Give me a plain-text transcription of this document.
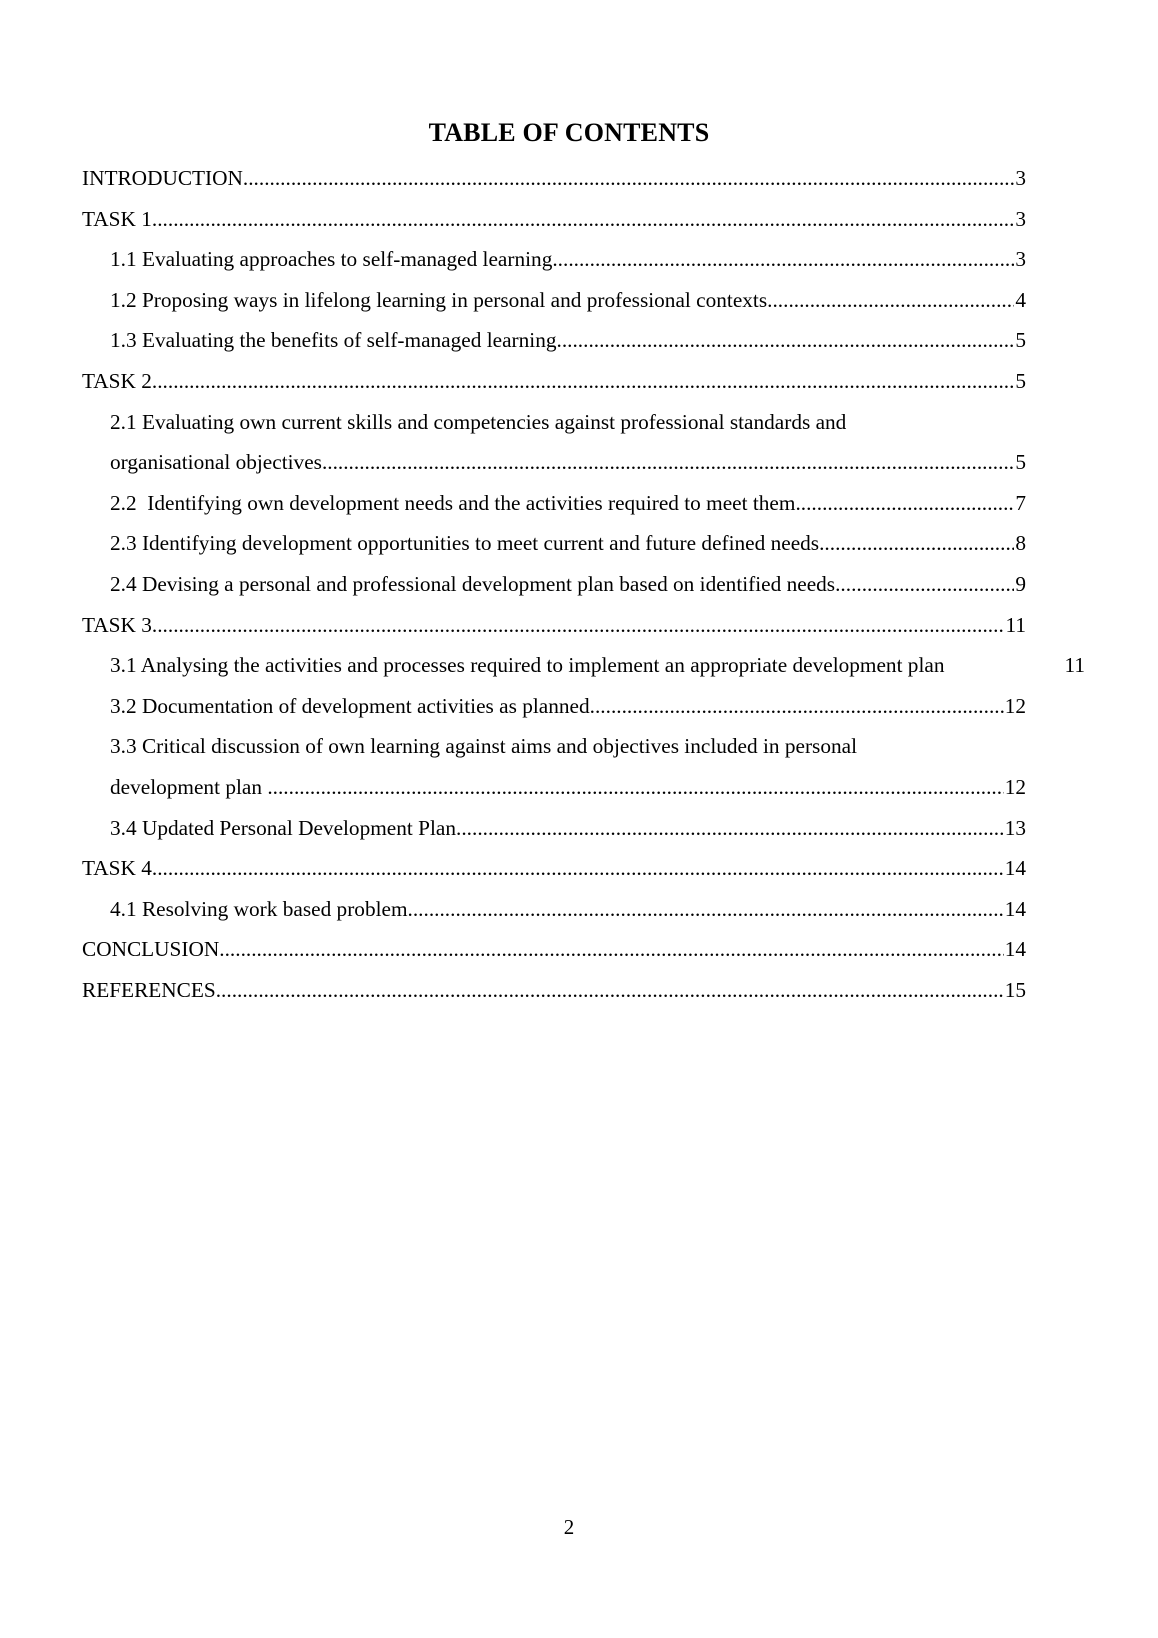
TABLE OF CONTENTS
INTRODUCTION .....	3
TASK 1 .....	3
1.1 Evaluating approaches to self-managed learning .....	3
1.2 Proposing ways in lifelong learning in personal and professional contexts .....	4
1.3 Evaluating the benefits of self-managed learning .....	5
TASK 2 .....	5
2.1 Evaluating own current skills and competencies against professional standards and
organisational objectives .....	5
2.2  Identifying own development needs and the activities required to meet them .....	7
2.3 Identifying development opportunities to meet current and future defined needs .....	8
2.4 Devising a personal and professional development plan based on identified needs .....	9
TASK 3 .....	11
3.1 Analysing the activities and processes required to implement an appropriate development plan	11
3.2 Documentation of development activities as planned .....	12
3.3 Critical discussion of own learning against aims and objectives included in personal
development plan .....	12
3.4 Updated Personal Development Plan .....	13
TASK 4 .....	14
4.1 Resolving work based problem .....	14
CONCLUSION .....	14
REFERENCES .....	15
2
